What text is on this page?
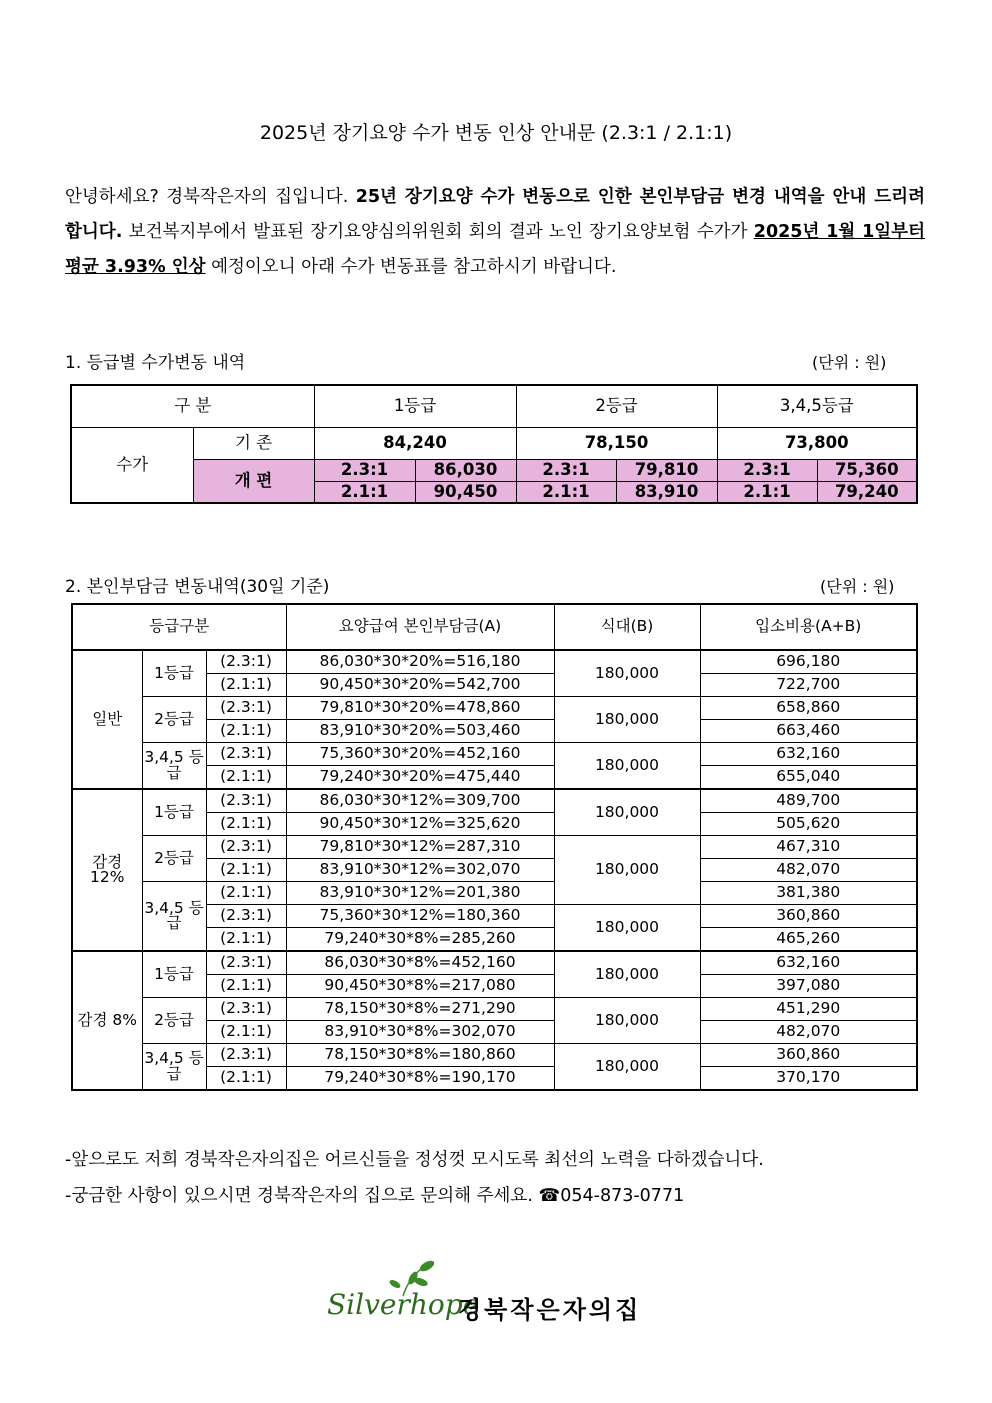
2025년 장기요양 수가 변동 인상 안내문 (2.3:1 / 2.1:1)
안녕하세요? 경북작은자의 집입니다. 25년 장기요양 수가 변동으로 인한 본인부담금 변경 내역을 안내 드리려 합니다. 보건복지부에서 발표된 장기요양심의위원회 회의 결과 노인 장기요양보험 수가가 2025년 1월 1일부터 평균 3.93% 인상 예정이오니 아래 수가 변동표를 참고하시기 바랍니다.
1. 등급별 수가변동 내역	(단위 : 원)
구 분		1등급		2등급		3,4,5등급	
수가	기 존	84,240		78,150		73,800	
	개 편	2.3:1	86,030	2.3:1	79,810	2.3:1	75,360
		2.1:1	90,450	2.1:1	83,910	2.1:1	79,240
2. 본인부담금 변동내역(30일 기준)	(단위 : 원)
등급구분			요양급여 본인부담금(A)	식대(B)	입소비용(A+B)
일반	1등급	(2.3:1)	86,030*30*20%=516,180	180,000	696,180
		(2.1:1)	90,450*30*20%=542,700		722,700
	2등급	(2.3:1)	79,810*30*20%=478,860	180,000	658,860
		(2.1:1)	83,910*30*20%=503,460		663,460
	3,4,5 등급	(2.3:1)	75,360*30*20%=452,160	180,000	632,160
		(2.1:1)	79,240*30*20%=475,440		655,040
감경 12%	1등급	(2.3:1)	86,030*30*12%=309,700	180,000	489,700
		(2.1:1)	90,450*30*12%=325,620		505,620
	2등급	(2.3:1)	79,810*30*12%=287,310	180,000	467,310
		(2.1:1)	83,910*30*12%=302,070		482,070
	3,4,5 등급	(2.1:1)	83,910*30*12%=201,380		381,380
		(2.3:1)	75,360*30*12%=180,360	180,000	360,860
		(2.1:1)	79,240*30*8%=285,260		465,260
감경 8%	1등급	(2.3:1)	86,030*30*8%=452,160	180,000	632,160
		(2.1:1)	90,450*30*8%=217,080		397,080
	2등급	(2.3:1)	78,150*30*8%=271,290	180,000	451,290
		(2.1:1)	83,910*30*8%=302,070		482,070
	3,4,5 등급	(2.3:1)	78,150*30*8%=180,860	180,000	360,860
		(2.1:1)	79,240*30*8%=190,170		370,170
-앞으로도 저희 경북작은자의집은 어르신들을 정성껏 모시도록 최선의 노력을 다하겠습니다.
-궁금한 사항이 있으시면 경북작은자의 집으로 문의해 주세요. ☎054-873-0771
Silverhope
경북작은자의집
